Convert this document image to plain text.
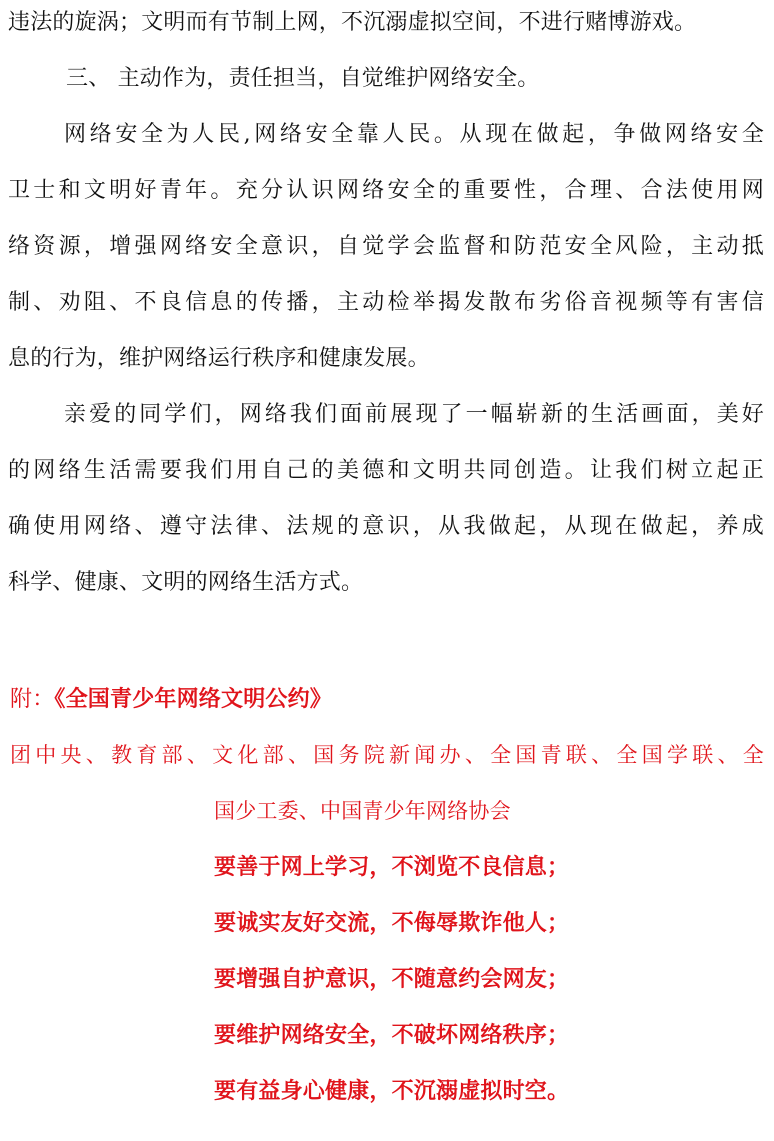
违法的旋涡；文明而有节制上网，不沉溺虚拟空间，不进行赌博游戏。
三、 主动作为，责任担当，自觉维护网络安全。
网络安全为人民,网络安全靠人民。从现在做起，争做网络安全
卫士和文明好青年。充分认识网络安全的重要性，合理、合法使用网
络资源，增强网络安全意识，自觉学会监督和防范安全风险，主动抵
制、劝阻、不良信息的传播，主动检举揭发散布劣俗音视频等有害信
息的行为，维护网络运行秩序和健康发展。
亲爱的同学们，网络我们面前展现了一幅崭新的生活画面，美好
的网络生活需要我们用自己的美德和文明共同创造。让我们树立起正
确使用网络、遵守法律、法规的意识，从我做起，从现在做起，养成
科学、健康、文明的网络生活方式。
附：《全国青少年网络文明公约》
团中央、教育部、文化部、国务院新闻办、全国青联、全国学联、全
国少工委、中国青少年网络协会
要善于网上学习，不浏览不良信息；
要诚实友好交流，不侮辱欺诈他人；
要增强自护意识，不随意约会网友；
要维护网络安全，不破坏网络秩序；
要有益身心健康，不沉溺虚拟时空。
